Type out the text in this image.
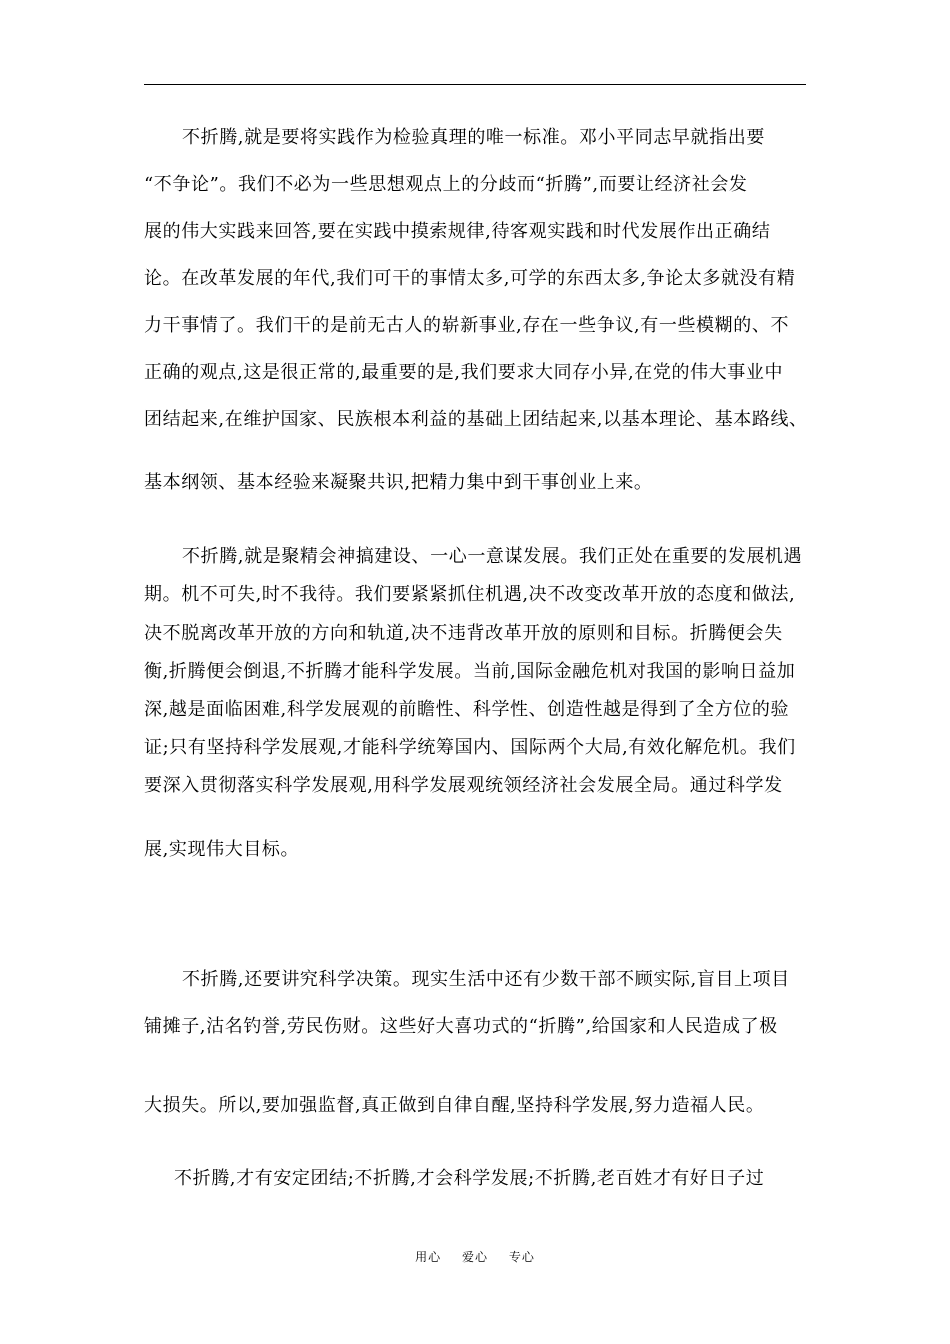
不折腾,就是要将实践作为检验真理的唯一标准。邓小平同志早就指出要
“不争论”。我们不必为一些思想观点上的分歧而“折腾”,而要让经济社会发
展的伟大实践来回答,要在实践中摸索规律,待客观实践和时代发展作出正确结
论。在改革发展的年代,我们可干的事情太多,可学的东西太多,争论太多就没有精
力干事情了。我们干的是前无古人的崭新事业,存在一些争议,有一些模糊的、不
正确的观点,这是很正常的,最重要的是,我们要求大同存小异,在党的伟大事业中
团结起来,在维护国家、民族根本利益的基础上团结起来,以基本理论、基本路线、
基本纲领、基本经验来凝聚共识,把精力集中到干事创业上来。
不折腾,就是聚精会神搞建设、一心一意谋发展。我们正处在重要的发展机遇
期。机不可失,时不我待。我们要紧紧抓住机遇,决不改变改革开放的态度和做法,
决不脱离改革开放的方向和轨道,决不违背改革开放的原则和目标。折腾便会失
衡,折腾便会倒退,不折腾才能科学发展。当前,国际金融危机对我国的影响日益加
深,越是面临困难,科学发展观的前瞻性、科学性、创造性越是得到了全方位的验
证;只有坚持科学发展观,才能科学统筹国内、国际两个大局,有效化解危机。我们
要深入贯彻落实科学发展观,用科学发展观统领经济社会发展全局。通过科学发
展,实现伟大目标。
不折腾,还要讲究科学决策。现实生活中还有少数干部不顾实际,盲目上项目
铺摊子,沽名钓誉,劳民伤财。这些好大喜功式的“折腾”,给国家和人民造成了极
大损失。所以,要加强监督,真正做到自律自醒,坚持科学发展,努力造福人民。
不折腾,才有安定团结;不折腾,才会科学发展;不折腾,老百姓才有好日子过
用心 爱心 专心
